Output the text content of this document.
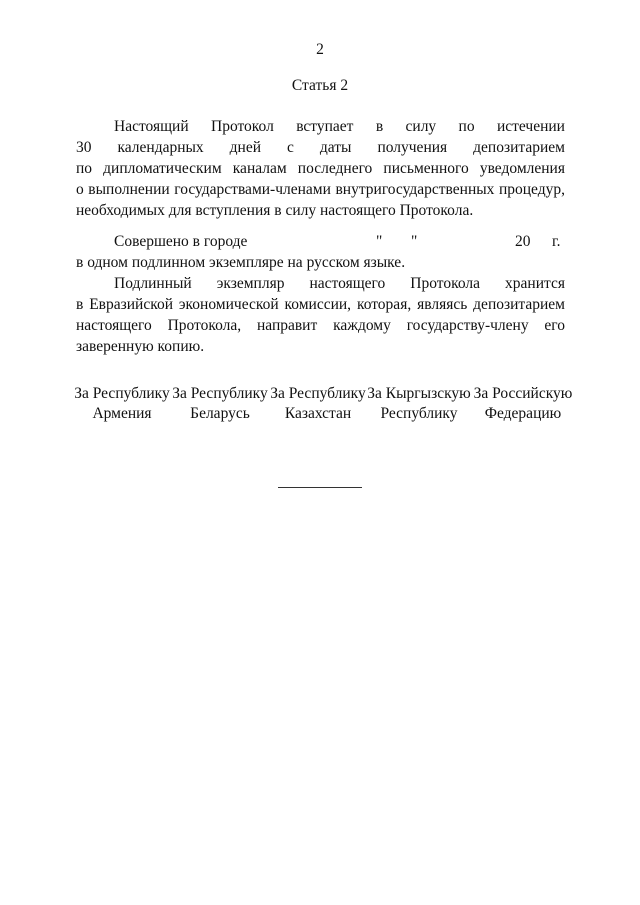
2
Статья 2
Настоящий Протокол вступает в силу по истечении
30 календарных дней с даты получения депозитарием
по дипломатическим каналам последнего письменного уведомления
о выполнении государствами-членами внутригосударственных процедур,
необходимых для вступления в силу настоящего Протокола.
Совершено в городе	" "	20 г.
в одном подлинном экземпляре на русском языке.
Подлинный экземпляр настоящего Протокола хранится
в Евразийской экономической комиссии, которая, являясь депозитарием
настоящего Протокола, направит каждому государству-члену его
заверенную копию.
За Республику
Армения
За Республику
Беларусь
За Республику
Казахстан
За Кыргызскую
Республику
За Российскую
Федерацию
